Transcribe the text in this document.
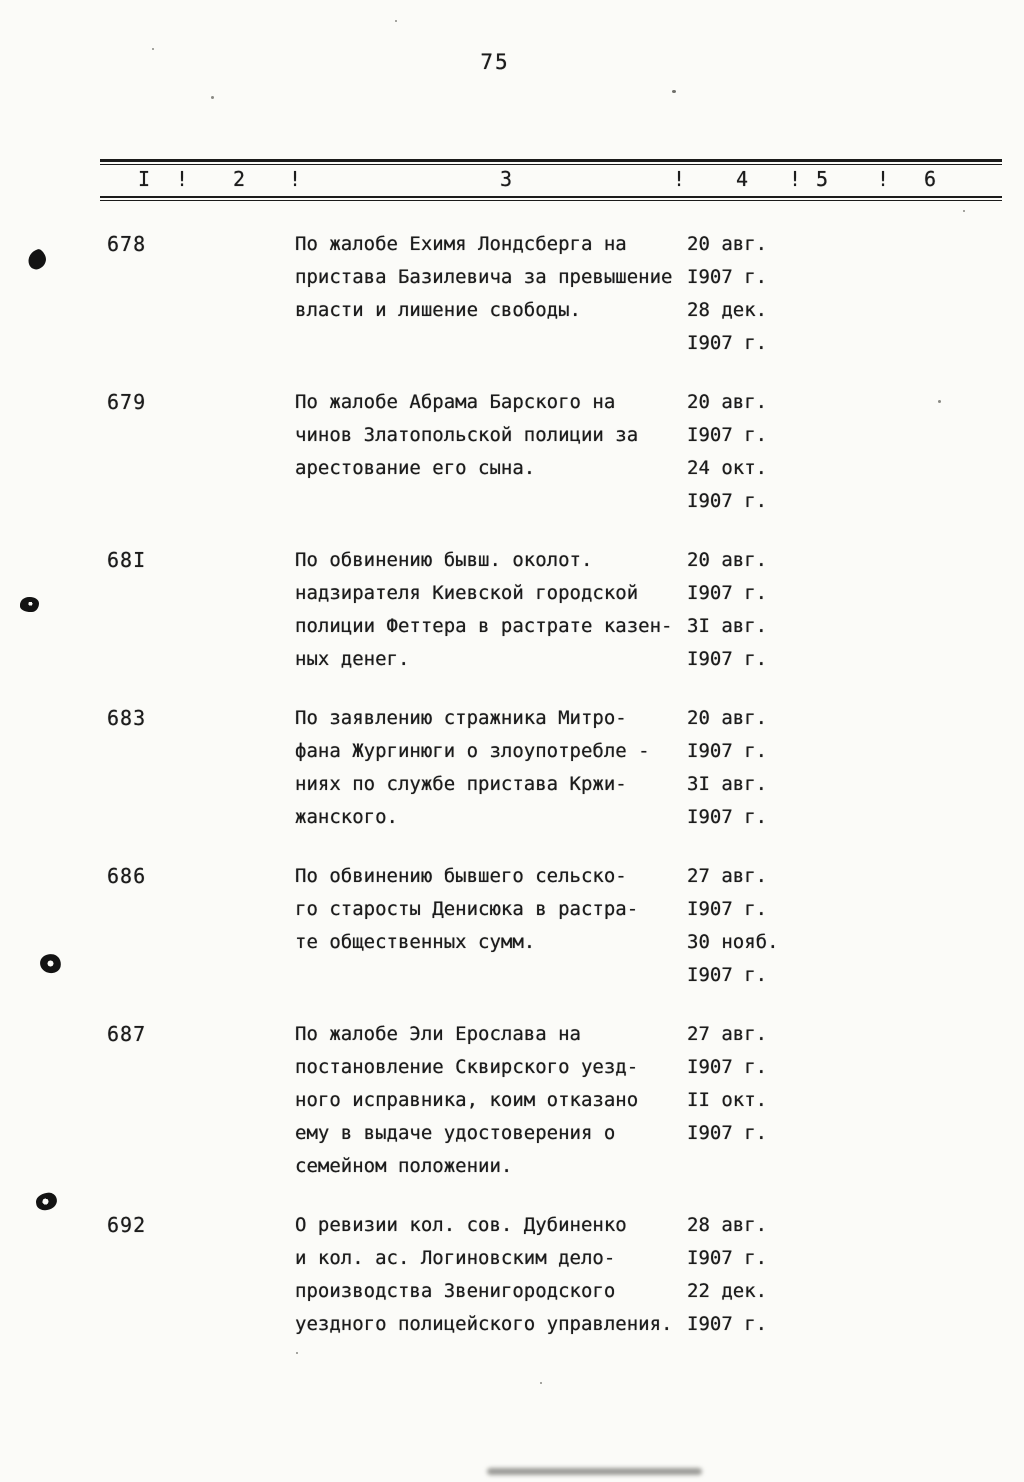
75
I ! 2 !	3	!	4 ! 5 ! 6
678	По жалобе Ехимя Лондсберга на	20 авг.
пристава Базилевича за превышение I907 г.
власти и лишение свободы.	28 дек.
I907 г.
679	По жалобе Абрама Барского на	20 авг.
чинов Златопольской полиции за	I907 г.
арестование его сына.	24 окт.
I907 г.
68I	По обвинению бывш. околот.	20 авг.
надзирателя Киевской городской	I907 г.
полиции Феттера в растрате казен- 3I авг.
ных денег.	I907 г.
683	По заявлению стражника Митро-	20 авг.
фана Жургинюги о злоупотребле -	I907 г.
ниях по службе пристава Кржи-	3I авг.
жанского.	I907 г.
686	По обвинению бывшего сельско-	27 авг.
го старосты Денисюка в растра-	I907 г.
те общественных сумм.	30 нояб.
I907 г.
687	По жалобе Эли Ерослава на	27 авг.
постановление Сквирского уезд-	I907 г.
ного исправника, коим отказано	II окт.
ему в выдаче удостоверения о	I907 г.
семейном положении.
692	О ревизии кол. сов. Дубиненко	28 авг.
и кол. ас. Логиновским дело-	I907 г.
производства Звенигородского	22 дек.
уездного полицейского управления. I907 г.
